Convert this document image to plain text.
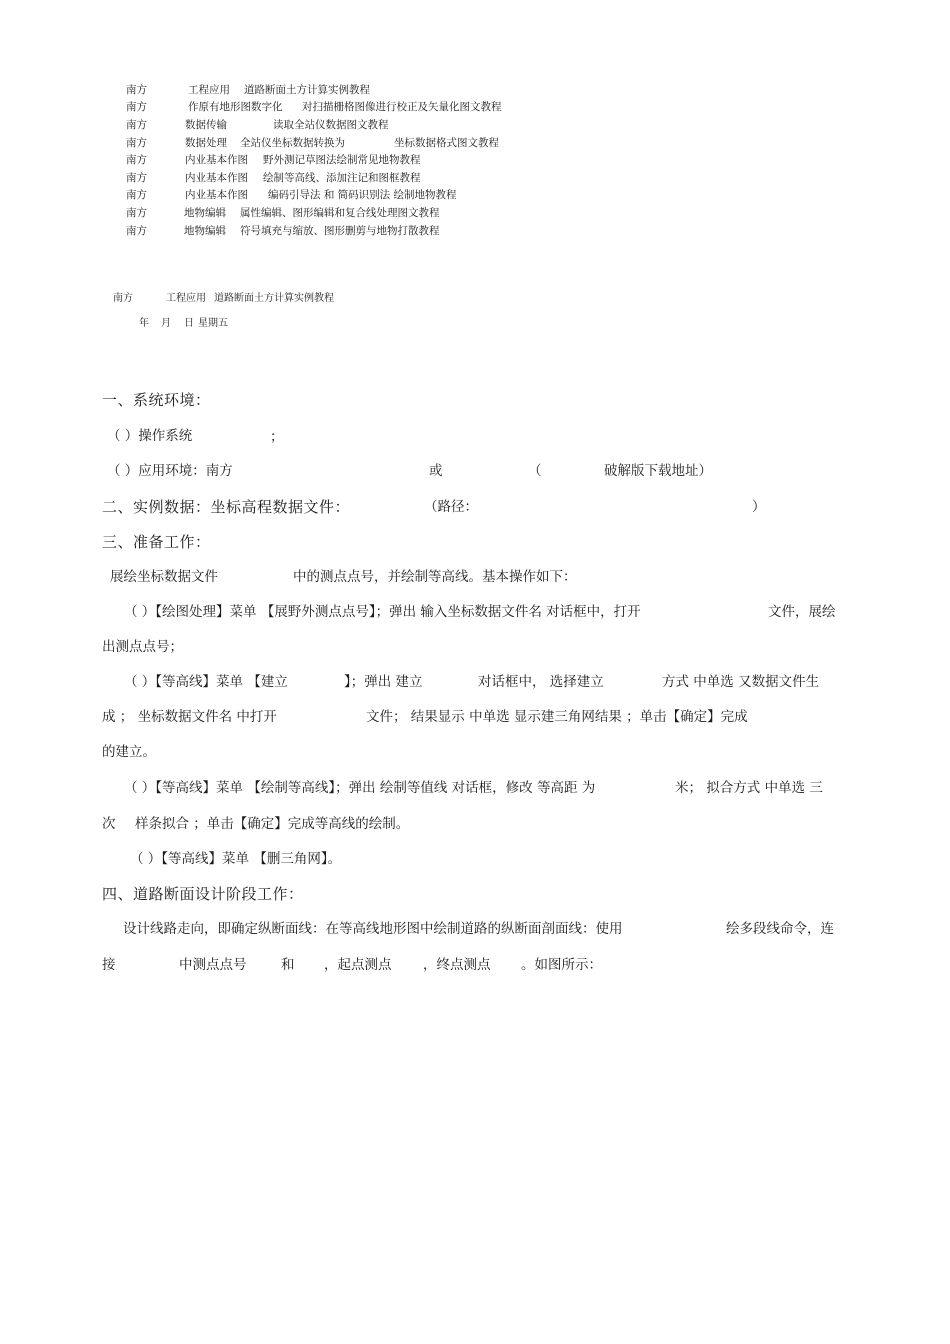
南方	工程应用 道路断面土方计算实例教程
南方	作原有地形图数字化 对扫描栅格图像进行校正及矢量化图文教程
南方	数据传输	读取全站仪数据图文教程
南方	数据处理 全站仪坐标数据转换为	坐标数据格式图文教程
南方	内业基本作图 野外测记草图法绘制常见地物教程
南方	内业基本作图 绘制等高线、添加注记和图框教程
南方	内业基本作图 编码引导法 和 简码识别法 绘制地物教程
南方	地物编辑 属性编辑、图形编辑和复合线处理图文教程
南方	地物编辑 符号填充与缩放、图形删剪与地物打散教程
南方	工程应用 道路断面土方计算实例教程
年 月 日 星期五
一、系统环境：
（ ）操作系统	；
（ ）应用环境：南方	或	（	破解版下载地址）
二、实例数据：坐标高程数据文件：	（路径：	）
三、准备工作：
展绘坐标数据文件	中的测点点号，并绘制等高线。基本操作如下：
（ ）【绘图处理】菜单 【展野外测点点号】；弹出 输入坐标数据文件名 对话框中，打开	文件，展绘
出测点点号；
（ ）【等高线】菜单 【建立	】；弹出 建立	对话框中， 选择建立	方式 中单选 又数据文件生
成 ； 坐标数据文件名 中打开	文件； 结果显示 中单选 显示建三角网结果 ；单击【确定】完成
的建立。
（ ）【等高线】菜单 【绘制等高线】；弹出 绘制等值线 对话框，修改 等高距 为	米； 拟合方式 中单选 三
次 样条拟合 ；单击【确定】完成等高线的绘制。
（ ）【等高线】菜单 【删三角网】。
四、道路断面设计阶段工作：
设计线路走向，即确定纵断面线：在等高线地形图中绘制道路的纵断面剖面线：使用	绘多段线命令，连
接	中测点点号	和 ，起点测点 ，终点测点 。如图所示：
